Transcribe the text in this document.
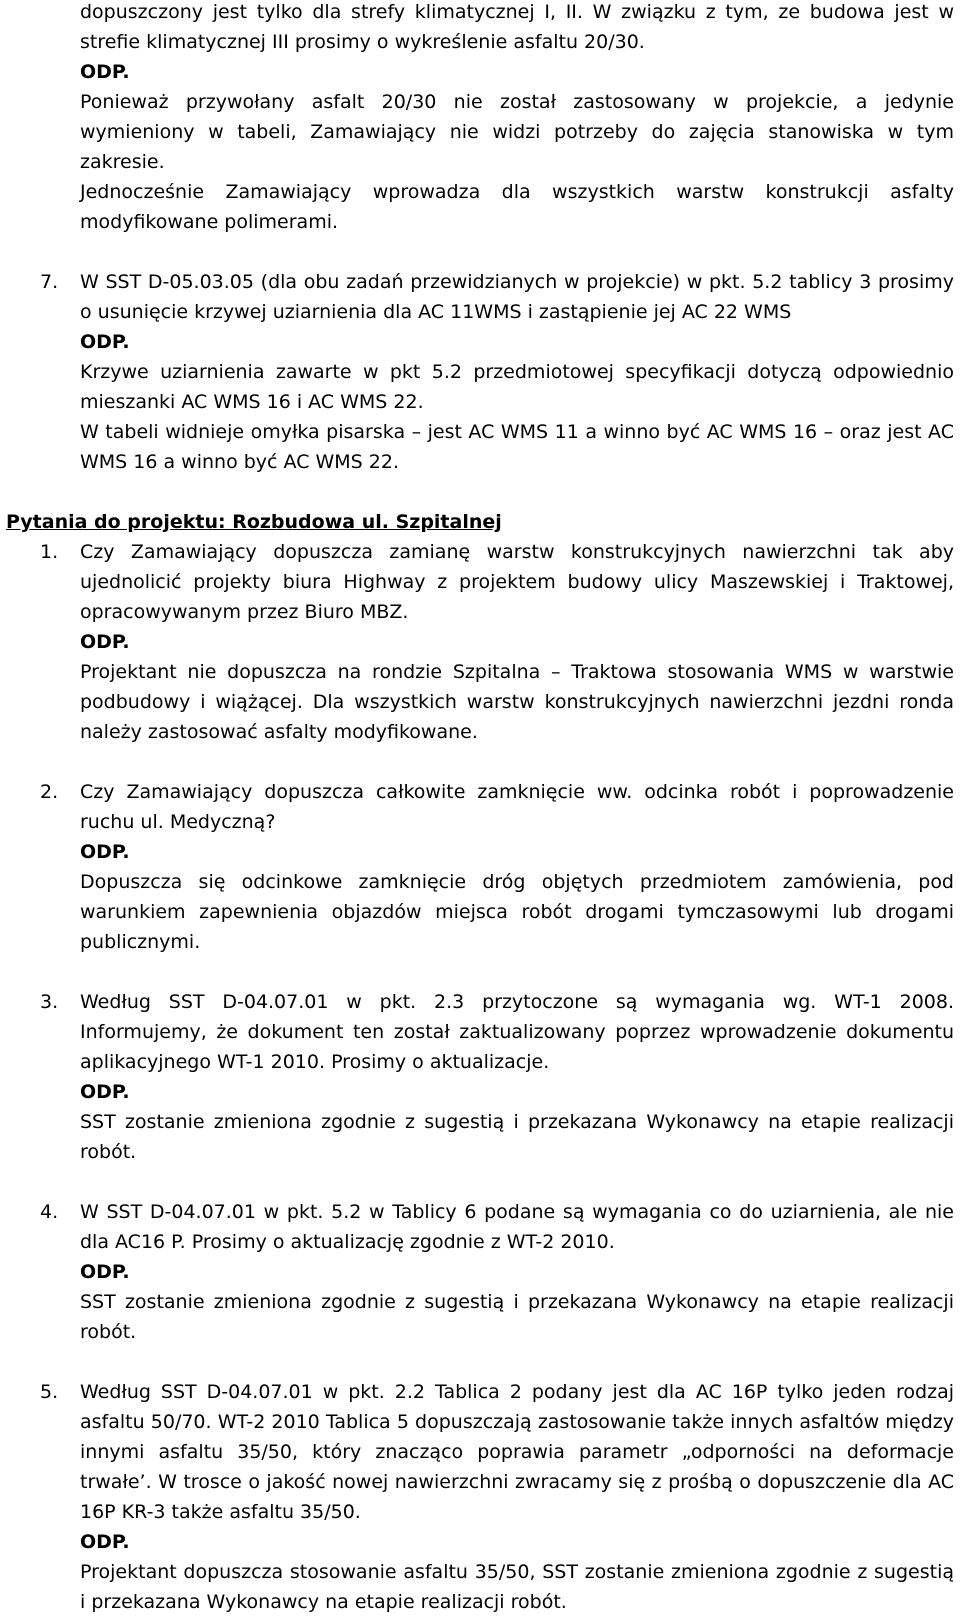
dopuszczony jest tylko dla strefy klimatycznej I, II. W związku z tym, ze budowa jest w strefie klimatycznej III prosimy o wykreślenie asfaltu 20/30.
ODP.
Ponieważ przywołany asfalt 20/30 nie został zastosowany w projekcie, a jedynie wymieniony w tabeli, Zamawiający nie widzi potrzeby do zajęcia stanowiska w tym zakresie.
Jednocześnie Zamawiający wprowadza dla wszystkich warstw konstrukcji asfalty modyfikowane polimerami.
7. W SST D-05.03.05 (dla obu zadań przewidzianych w projekcie) w pkt. 5.2 tablicy 3 prosimy o usunięcie krzywej uziarnienia dla AC 11WMS i zastąpienie jej AC 22 WMS
ODP.
Krzywe uziarnienia zawarte w pkt 5.2 przedmiotowej specyfikacji dotyczą odpowiednio mieszanki AC WMS 16 i AC WMS 22.
W tabeli widnieje omyłka pisarska – jest AC WMS 11 a winno być AC WMS 16 – oraz jest AC WMS 16 a winno być AC WMS 22.
Pytania do projektu: Rozbudowa ul. Szpitalnej
1. Czy Zamawiający dopuszcza zamianę warstw konstrukcyjnych nawierzchni tak aby ujednolicić projekty biura Highway z projektem budowy ulicy Maszewskiej i Traktowej, opracowywanym przez Biuro MBZ.
ODP.
Projektant nie dopuszcza na rondzie Szpitalna – Traktowa stosowania WMS w warstwie podbudowy i wiążącej. Dla wszystkich warstw konstrukcyjnych nawierzchni jezdni ronda należy zastosować asfalty modyfikowane.
2. Czy Zamawiający dopuszcza całkowite zamknięcie ww. odcinka robót i poprowadzenie ruchu ul. Medyczną?
ODP.
Dopuszcza się odcinkowe zamknięcie dróg objętych przedmiotem zamówienia, pod warunkiem zapewnienia objazdów miejsca robót drogami tymczasowymi lub drogami publicznymi.
3. Według SST D-04.07.01 w pkt. 2.3 przytoczone są wymagania wg. WT-1 2008. Informujemy, że dokument ten został zaktualizowany poprzez wprowadzenie dokumentu aplikacyjnego WT-1 2010. Prosimy o aktualizacje.
ODP.
SST zostanie zmieniona zgodnie z sugestią i przekazana Wykonawcy na etapie realizacji robót.
4. W SST D-04.07.01 w pkt. 5.2 w Tablicy 6 podane są wymagania co do uziarnienia, ale nie dla AC16 P. Prosimy o aktualizację zgodnie z WT-2 2010.
ODP.
SST zostanie zmieniona zgodnie z sugestią i przekazana Wykonawcy na etapie realizacji robót.
5. Według SST D-04.07.01 w pkt. 2.2 Tablica 2 podany jest dla AC 16P tylko jeden rodzaj asfaltu 50/70. WT-2 2010 Tablica 5 dopuszczają zastosowanie także innych asfaltów między innymi asfaltu 35/50, który znacząco poprawia parametr „odporności na deformacje trwałe’. W trosce o jakość nowej nawierzchni zwracamy się z prośbą o dopuszczenie dla AC 16P KR-3 także asfaltu 35/50.
ODP.
Projektant dopuszcza stosowanie asfaltu 35/50, SST zostanie zmieniona zgodnie z sugestią i przekazana Wykonawcy na etapie realizacji robót.
